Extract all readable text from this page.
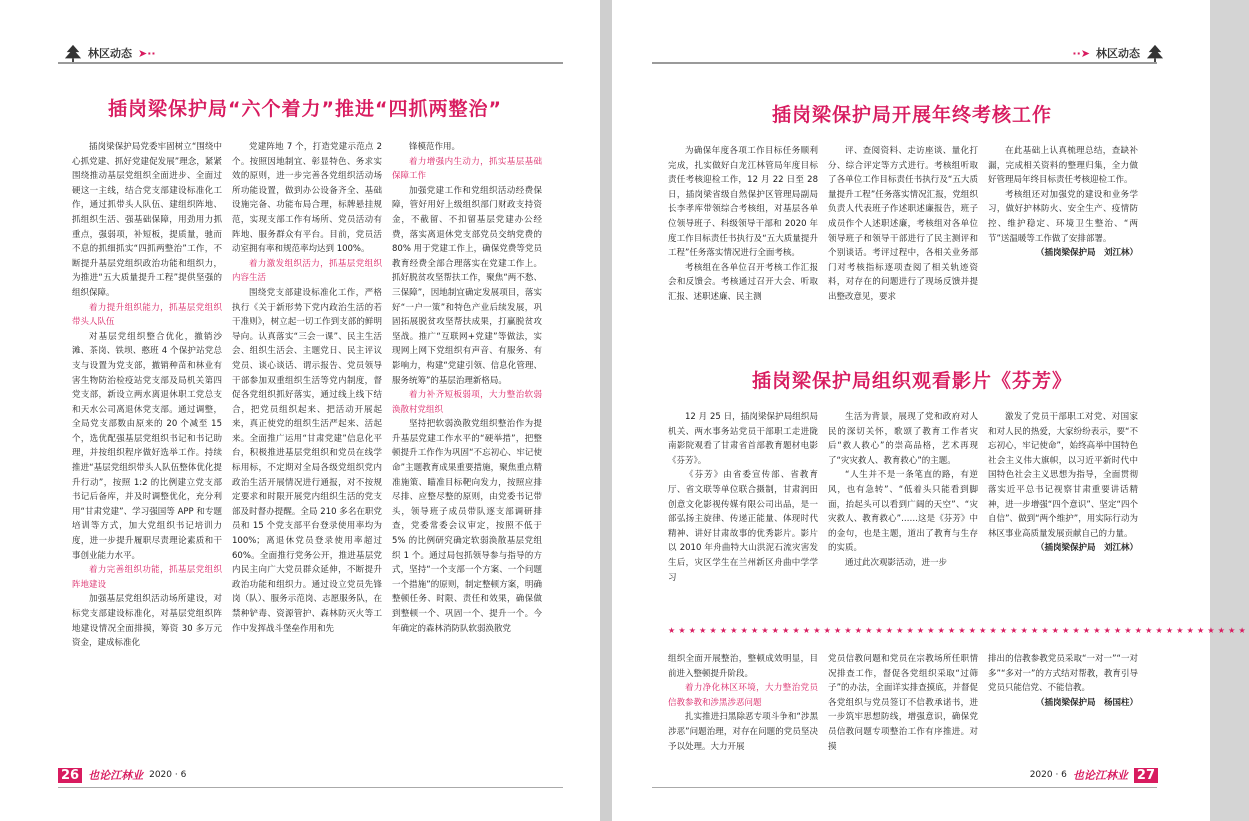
林区动态 ➤··
插岗梁保护局“六个着力”推进“四抓两整治”

插岗梁保护局党委牢固树立“围绕中心抓党建、抓好党建促发展”理念，紧紧围绕推动基层党组织全面进步、全面过硬这一主线，结合党支部建设标准化工作，通过抓带头人队伍、建组织阵地、抓组织生活、强基础保障，用劲用力抓重点，强弱项，补短板，提质量，驰而不息的抓细抓实“四抓两整治”工作，不断提升基层党组织政治功能和组织力，为推进“五大质量提升工程”提供坚强的组织保障。

着力提升组织能力，抓基层党组织带头人队伍

对基层党组织整合优化，撤销沙滩、茶岗、铁坝、憨班 4 个保护站党总支与设置为党支部，撤销种苗和林业有害生物防治检疫站党支部及局机关第四党支部，新设立两水离退休职工党总支和天水公司离退休党支部。通过调整，全局党支部数由原来的 20 个减至 15 个，选优配强基层党组织书记和书记助理，并按组织程序做好选举工作。持续推进“基层党组织带头人队伍整体优化提升行动”，按照 1:2 的比例建立党支部书记后备库，并及时调整优化，充分利用“甘肃党建”、学习强国等 APP 和专题培训等方式，加大党组织书记培训力度，进一步提升履职尽责理论素质和干事创业能力水平。

着力完善组织功能，抓基层党组织阵地建设

加强基层党组织活动场所建设，对标党支部建设标准化，对基层党组织阵地建设情况全面排摸，筹资 30 多万元资金，建成标准化

党建阵地 7 个，打造党建示范点 2 个。按照因地制宜、彰显特色、务求实效的原则，进一步完善各党组织活动场所功能设置，做到办公设备齐全、基础设施完备、功能布局合理，标牌悬挂规范，实现支部工作有场所、党员活动有阵地、服务群众有平台。目前，党员活动室拥有率和规范率均达到 100%。

着力激发组织活力，抓基层党组织内容生活

围绕党支部建设标准化工作，严格执行《关于新形势下党内政治生活的若干准则》，树立起一切工作到支部的鲜明导向。认真落实“三会一课”、民主生活会、组织生活会、主题党日、民主评议党员、谈心谈话、谓示报告、党员领导干部参加双重组织生活等党内制度，督促各党组织抓好落实，通过线上线下结合，把党员组织起来、把活动开展起来，真正使党的组织生活严起来、活起来。全面推广运用“甘肃党建”信息化平台，积极推进基层党组织和党员在线学标用标，不定期对全局各级党组织党内政治生活开展情况进行通报，对不按规定要求和时限开展党内组织生活的党支部及时督办提醒。全局 210 多名在职党员和 15 个党支部平台登录使用率均为 100%；离退休党员登录使用率超过 60%。全面推行党务公开，推进基层党内民主向广大党员群众延伸，不断提升政治功能和组织力。通过设立党员先锋岗（队）、服务示范岗、志愿服务队，在禁种铲毒、资源管护、森林防灭火等工作中发挥战斗堡垒作用和先

锋模范作用。

着力增强内生动力，抓实基层基础保障工作

加强党建工作和党组织活动经费保障，管好用好上级组织部门财政支持资金，不截留、不扣留基层党建办公经费，落实离退休党支部党员交纳党费的 80% 用于党建工作上，确保党费等党员教育经费全部合理落实在党建工作上。抓好脱贫攻坚帮扶工作，聚焦“两不愁、三保障”，因地制宜确定发展项目，落实好“一户一策”和特色产业后续发展，巩固拓展脱贫攻坚帮扶成果，打赢脱贫攻坚战。推广“互联网+党建”等做法，实现网上网下党组织有声音、有服务、有影响力，构建“党建引领、信息化管理、服务统筹”的基层治理新格局。

着力补齐短板弱项，大力整治软弱涣散村党组织

坚持把软弱涣散党组织整治作为提升基层党建工作水平的“硬举措”，把整顿提升工作作为巩固“不忘初心、牢记使命”主题教育成果重要措施，聚焦重点精准施策、瞄准目标靶向发力，按照应排尽排、应整尽整的原则，由党委书记带头，领导班子成员带队逐支部调研排查，党委常委会议审定，按照不低于 5% 的比例研究确定软弱涣散基层党组织 1 个。通过局包抓领导参与指导的方式，坚持“一个支部一个方案、一个问题一个措施”的原则，制定整顿方案，明确整顿任务、时限、责任和效果，确保做到整顿一个、巩固一个、提升一个。今年确定的森林消防队软弱涣散党

26 也论江林业 2020 · 6
··➤ 林区动态
插岗梁保护局开展年终考核工作

为确保年度各项工作目标任务顺利完成，扎实做好白龙江林管局年度目标责任考核迎检工作，12 月 22 日至 28 日，插岗梁省级自然保护区管理局副局长李孝库带领综合考核组，对基层各单位领导班子、科级领导干部和 2020 年度工作目标责任书执行及“五大质量提升工程”任务落实情况进行全面考核。

考核组在各单位召开考核工作汇报会和反馈会。考核通过召开大会、听取汇报、述职述廉、民主测

评、查阅资料、走访座谈、量化打分、综合评定等方式进行。考核组听取了各单位工作目标责任书执行及“五大质量提升工程”任务落实情况汇报，党组织负责人代表班子作述职述廉报告，班子成员作个人述职述廉，考核组对各单位领导班子和领导干部进行了民主测评和个别谈话。考评过程中，各相关业务部门对考核指标逐项查阅了相关轨迹资料，对存在的问题进行了现场反馈并提出整改意见，要求

在此基础上认真梳理总结，查缺补漏，完成相关资料的整理归集，全力做好管理局年终目标责任考核迎检工作。

考核组还对加强党的建设和业务学习，做好护林防火、安全生产、疫情防控、维护稳定、环境卫生整治、“两节”送温暖等工作做了安排部署。

（插岗梁保护局　刘江林）

插岗梁保护局组织观看影片《芬芳》

12 月 25 日，插岗梁保护局组织局机关、两水事务站党员干部职工走进陇南影院观看了甘肃省首部教育题材电影《芬芳》。

《芬芳》由省委宣传部、省教育厅、省文联等单位联合摄制，甘肃润田创意文化影视传媒有限公司出品，是一部弘扬主旋律、传递正能量、体现时代精神、讲好甘肃故事的优秀影片。影片以 2010 年舟曲特大山洪泥石流灾害发生后，灾区学生在兰州新区舟曲中学学习

生活为背景，展现了党和政府对人民的深切关怀，歌颂了教育工作者灾后“救人救心”的崇高品格，艺术再现了“灾灾救人、教育救心”的主题。

“人生并不是一条笔直的路，有逆风，也有急转”、“低着头只能看到脚面，抬起头可以看到广阔的天空”、“灾灾救人、教育救心”……这是《芬芳》中的金句，也是主题，道出了教育与生存的实质。

通过此次观影活动，进一步

激发了党员干部职工对党、对国家和对人民的热爱，大家纷纷表示，要“不忘初心，牢记使命”，始终高举中国特色社会主义伟大旗帜，以习近平新时代中国特色社会主义思想为指导，全面贯彻落实近平总书记视察甘肃重要讲话精神，进一步增强“四个意识”、坚定“四个自信”、做到“两个维护”，用实际行动为林区事业高质量发展贡献自己的力量。

（插岗梁保护局　刘江林）

2020 · 6 也论江林业 27
★★★★★★★★★★★★★★★★★★★★★★★★★★★★★★★★★★★★★★★★★★★★★★★★★★★★★★★★

组织全面开展整治，整顿成效明显，目前进入整顿提升阶段。

着力净化林区环境，大力整治党员信教参教和涉黑涉恶问题

扎实推进扫黑除恶专项斗争和“涉黑涉恶”问题治理，对存在问题的党员坚决予以处理。大力开展

党员信教问题和党员在宗教场所任职情况排查工作，督促各党组织采取“过筛子”的办法，全面详实排查摸底，并督促各党组织与党员签订不信教承诺书，进一步筑牢思想防线，增强意识，确保党员信教问题专项整治工作有序推进。对摸

排出的信教参教党员采取“一对一”“一对多”“多对一”的方式结对帮教，教育引导党员只能信党、不能信教。

（插岗梁保护局　杨国柱）
